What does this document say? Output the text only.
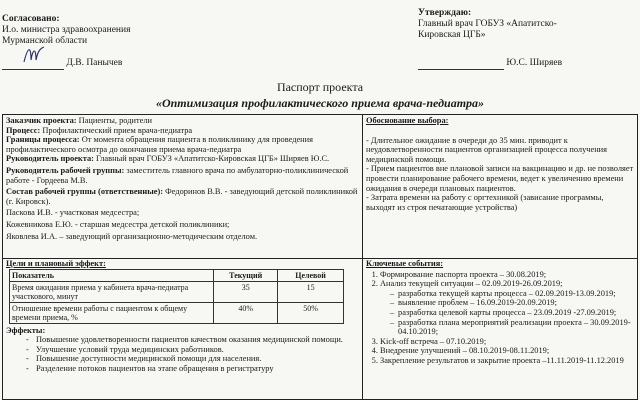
Согласовано:
И.о. министра здравоохранения
Мурманской области
Д.В. Панычев
Утверждаю:
Главный врач ГОБУЗ «Апатитско-
Кировская ЦГБ»
Ю.С. Ширяев
Паспорт проекта
«Оптимизация профилактического приема врача-педиатра»

Заказчик проекта: Пациенты, родители

Процесс: Профилактический прием врача-педиатра

Границы процесса: От момента обращения пациента в поликлинику для проведения профилактического осмотра до окончания приема врача-педиатра

Руководитель проекта: Главный врач ГОБУЗ «Апатитско-Кировская ЦГБ» Ширяев Ю.С.

Руководитель рабочей группы: заместитель главного врача по амбулаторно-поликлинической работе - Гордеева М.В.

Состав рабочей группы (ответственные): Федоринов В.В. - заведующий детской поликлиникой (г. Кировск).

Паскова И.В. - участковая медсестра;

Кожевникова Е.Ю. - старшая медсестра детской поликлиники;

Яковлева И.А. – заведующий организационно-методическим отделом.

Обоснование выбора:

- Длительное ожидание в очереди до 35 мин. приводит к неудовлетворенности пациентов организацией процесса получения медицинской помощи.

- Прием пациентов вне плановой записи на вакцинацию и др. не позволяет провести планирование рабочего времени, ведет к увеличению времени ожидания в очереди плановых пациентов.

- Затрата времени на работу с оргтехникой (зависание программы, выходят из строя печатающие устройства)

Цели и плановый эффект:

Показатель	Текущий	Целевой
Время ожидания приема у кабинета врача-педиатра участкового, минут	35	15
Отношение времени работы с пациентом к общему времени приема, %	40%	50%

Эффекты:

- Повышение удовлетворенности пациентов качеством оказания медицинской помощи.
- Улучшение условий труда медицинских работников.
- Повышение доступности медицинской помощи для населения.
- Разделение потоков пациентов на этапе обращения в регистратуру

Ключевые события:

1. Формирование паспорта проекта – 30.08.2019;
2. Анализ текущей ситуации – 02.09.2019-26.09.2019;
– разработка текущей карты процесса – 02.09.2019-13.09.2019;
– выявление проблем – 16.09.2019-20.09.2019;
– разработка целевой карты процесса – 23.09.2019 -27.09.2019;
– разработка плана мероприятий реализации проекта – 30.09.2019-04.10.2019;
3. Kick-off встреча – 07.10.2019;
4. Внедрение улучшений – 08.10.2019-08.11.2019;
5. Закрепление результатов и закрытие проекта –11.11.2019-11.12.2019
